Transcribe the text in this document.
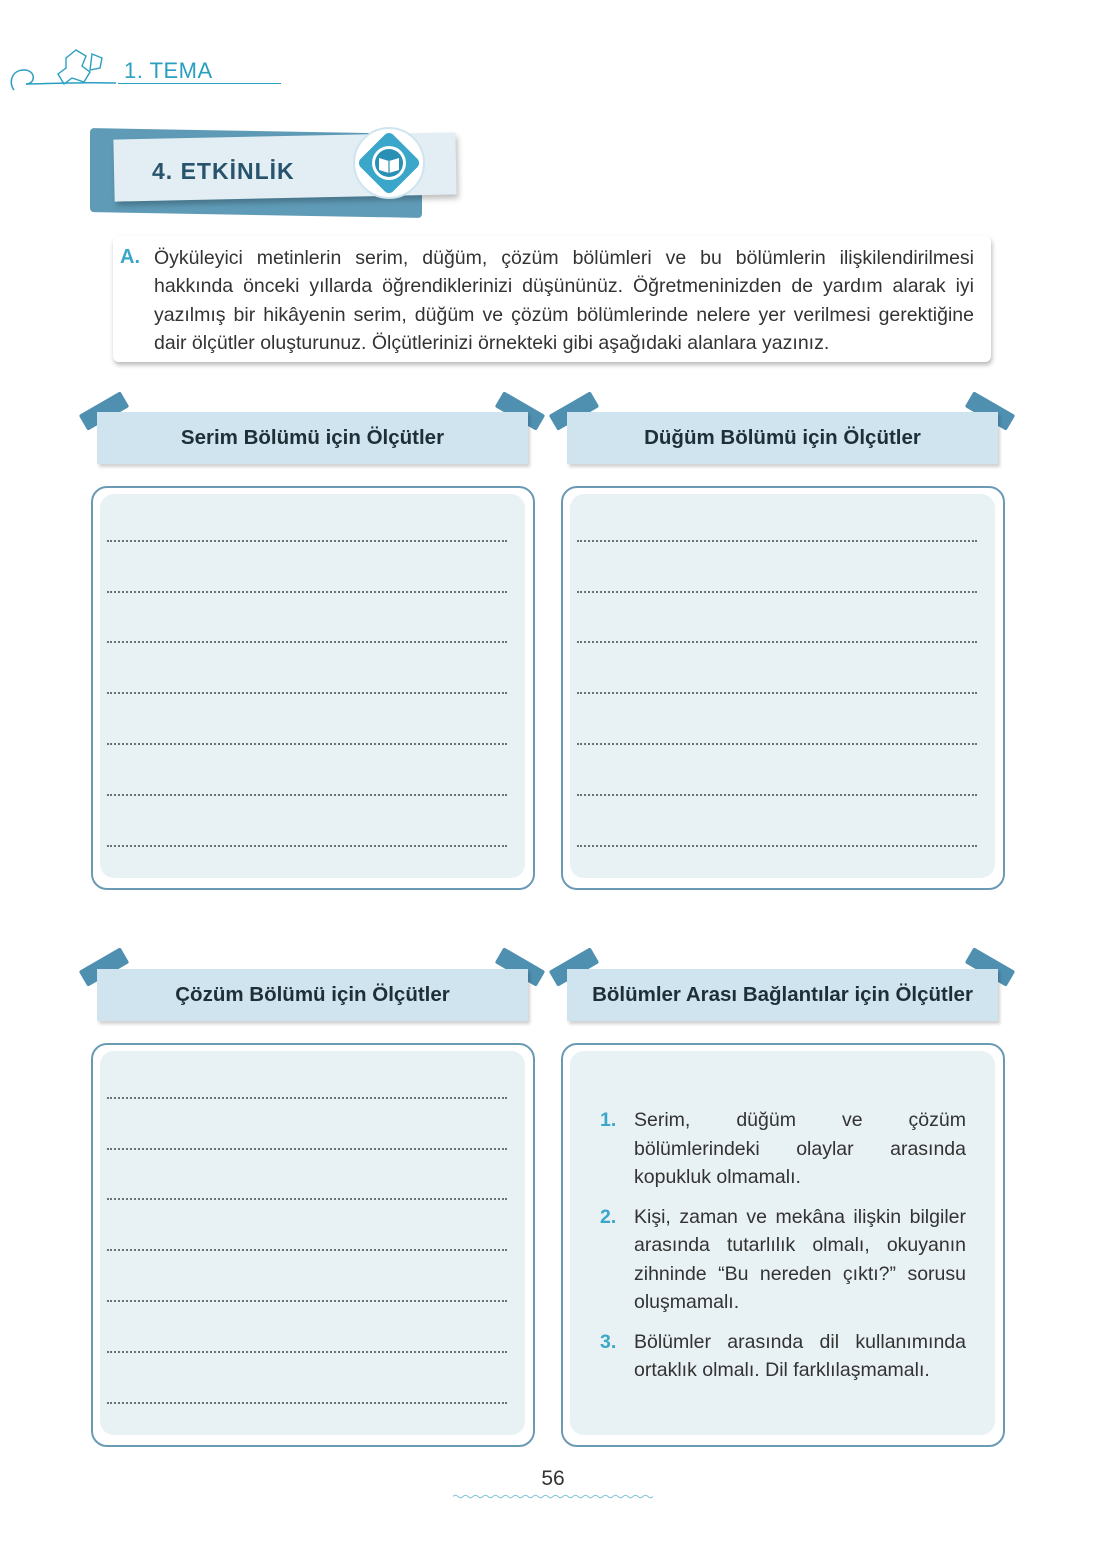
1. TEMA
4. ETKİNLİK
A. Öyküleyici metinlerin serim, düğüm, çözüm bölümleri ve bu bölümlerin ilişkilendirilmesi hakkında önceki yıllarda öğrendiklerinizi düşününüz. Öğretmeninizden de yardım alarak iyi yazılmış bir hikâyenin serim, düğüm ve çözüm bölümlerinde nelere yer verilmesi gerektiğine dair ölçütler oluşturunuz. Ölçütlerinizi örnekteki gibi aşağıdaki alanlara yazınız.
Serim Bölümü için Ölçütler	Düğüm Bölümü için Ölçütler
Çözüm Bölümü için Ölçütler	Bölümler Arası Bağlantılar için Ölçütler
1. Serim, düğüm ve çözüm bölümlerindeki olaylar arasında kopukluk olmamalı.
2. Kişi, zaman ve mekâna ilişkin bilgiler arasında tutarlılık olmalı, okuyanın zihninde “Bu nereden çıktı?” sorusu oluşmamalı.
3. Bölümler arasında dil kullanımında ortaklık olmalı. Dil farklılaşmamalı.
56
